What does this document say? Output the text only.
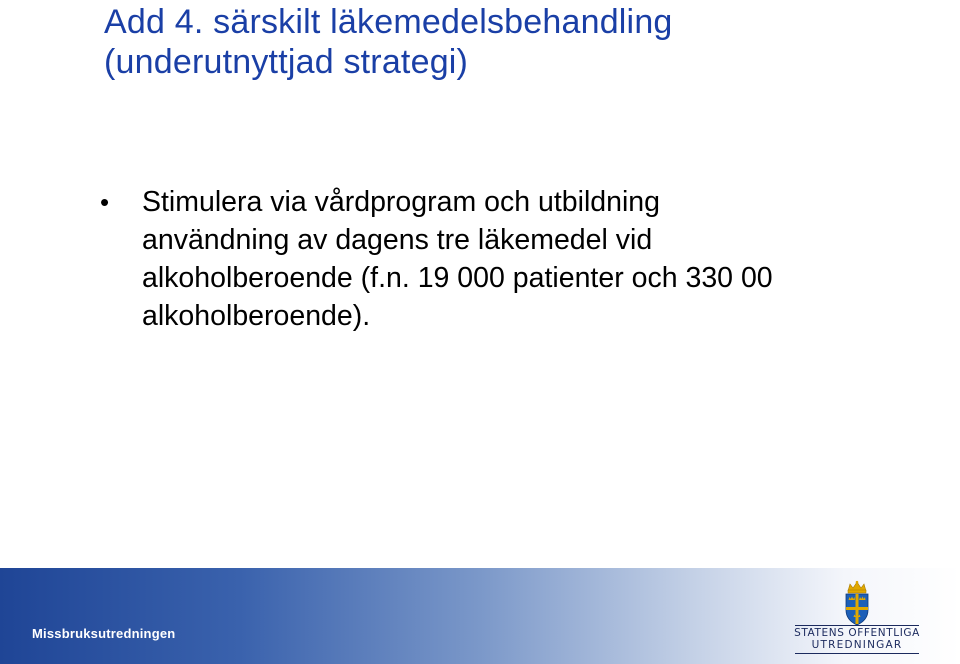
Add 4. särskilt läkemedelsbehandling
(underutnyttjad strategi)
• Stimulera via vårdprogram och utbildning
användning av dagens tre läkemedel vid
alkoholberoende (f.n. 19 000 patienter och 330 00
alkoholberoende).
Missbruksutredningen	STATENS OFFENTLIGA
UTREDNINGAR
